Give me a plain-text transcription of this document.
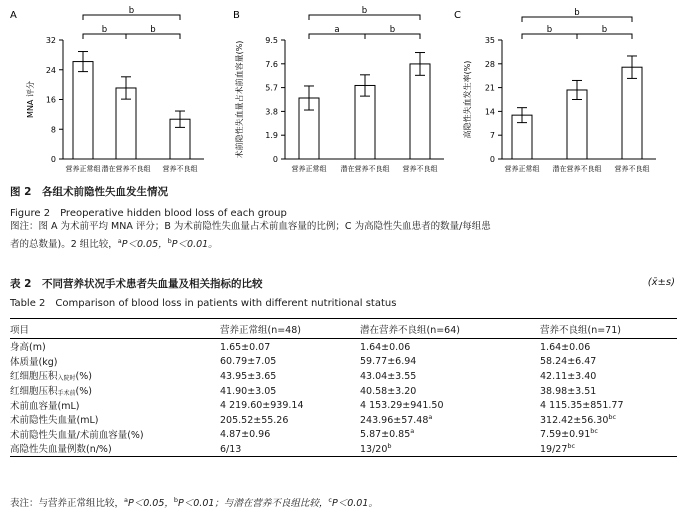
A
0
8
16
24
32
MNA 评分
营养正常组 潜在营养不良组 营养不良组
b
b	b
B
0
1.9
3.8
5.7
7.6
9.5
术前隐性失血量占术前血容量(%)
营养正常组 潜在营养不良组 营养不良组
b
a	b
C
0
7
14
21
28
35
高隐性失血发生率(%)
营养正常组 潜在营养不良组 营养不良组
b
b	b
图 2　各组术前隐性失血发生情况
Figure 2　Preoperative hidden blood loss of each group
图注：图 A 为术前平均 MNA 评分；B 为术前隐性失血量占术前血容量的比例；C 为高隐性失血患者的数量/每组患
者的总数量)。2 组比较，$^a$P＜0.05，$^b$P＜0.01。
表 2　不同营养状况手术患者失血量及相关指标的比较	(x̄±s)
Table 2　Comparison of blood loss in patients with different nutritional status
项目	营养正常组(n=48)	潜在营养不良组(n=64)	营养不良组(n=71)
身高(m)	1.65±0.07	1.64±0.06	1.64±0.06
体质量(kg)	60.79±7.05	59.77±6.94	58.24±6.47
红细胞压积入院时(%)	43.95±3.65	43.04±3.55	42.11±3.40
红细胞压积手术前(%)	41.90±3.05	40.58±3.20	38.98±3.51
术前血容量(mL)	4 219.60±939.14	4 153.29±941.50	4 115.35±851.77
术前隐性失血量(mL)	205.52±55.26	243.96±57.48$^a$	312.42±56.30$^{bc}$
术前隐性失血量/术前血容量(%)	4.87±0.96	5.87±0.85$^a$	7.59±0.91$^{bc}$
高隐性失血量例数(n/%)	6/13	13/20$^b$	$19/27^{bc}$
表注：与营养正常组比较，$^a$P＜0.05，$^b$P＜0.01；与潜在营养不良组比较，$^c$P＜0.01。
